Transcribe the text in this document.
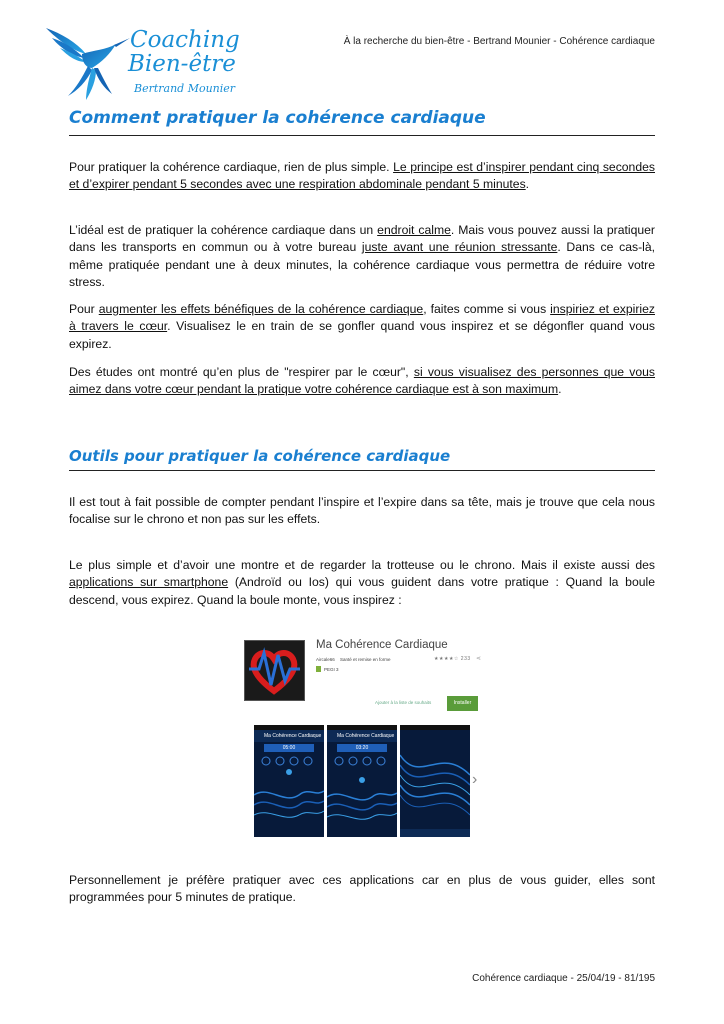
Coaching
Bien-être
Bertrand Mounier
À la recherche du bien-être - Bertrand Mounier - Cohérence cardiaque
Comment pratiquer la cohérence cardiaque

Pour pratiquer la cohérence cardiaque, rien de plus simple. Le principe est d’inspirer pendant cinq secondes et d’expirer pendant 5 secondes avec une respiration abdominale pendant 5 minutes.

L’idéal est de pratiquer la cohérence cardiaque dans un endroit calme. Mais vous pouvez aussi la pratiquer dans les transports en commun ou à votre bureau juste avant une réunion stressante. Dans ce cas-là, même pratiquée pendant une à deux minutes, la cohérence cardiaque vous permettra de réduire votre stress.

Pour augmenter les effets bénéfiques de la cohérence cardiaque, faites comme si vous inspiriez et expiriez à travers le cœur. Visualisez le en train de se gonfler quand vous inspirez et se dégonfler quand vous expirez.

Des études ont montré qu’en plus de "respirer par le cœur", si vous visualisez des personnes que vous aimez dans votre cœur pendant la pratique votre cohérence cardiaque est à son maximum.

Outils pour pratiquer la cohérence cardiaque

Il est tout à fait possible de compter pendant l’inspire et l’expire dans sa tête, mais je trouve que cela nous focalise sur le chrono et non pas sur les effets.

Le plus simple et d’avoir une montre et de regarder la trotteuse ou le chrono. Mais il existe aussi des applications sur smartphone (Androïd ou Ios) qui vous guident dans votre pratique : Quand la boule descend, vous expirez. Quand la boule monte, vous inspirez :

Ma Cohérence Cardiaque
Aircale66 Santé et remise en forme	★★★★☆ 233 ⋖
PEGI 3
Ajouter à la liste de souhaits	Installer
Ma Cohérence Cardiaque
05:00
Ma Cohérence Cardiaque
03:20
›

Personnellement je préfère pratiquer avec ces applications car en plus de vous guider, elles sont programmées pour 5 minutes de pratique.

Cohérence cardiaque - 25/04/19 - 81/195
